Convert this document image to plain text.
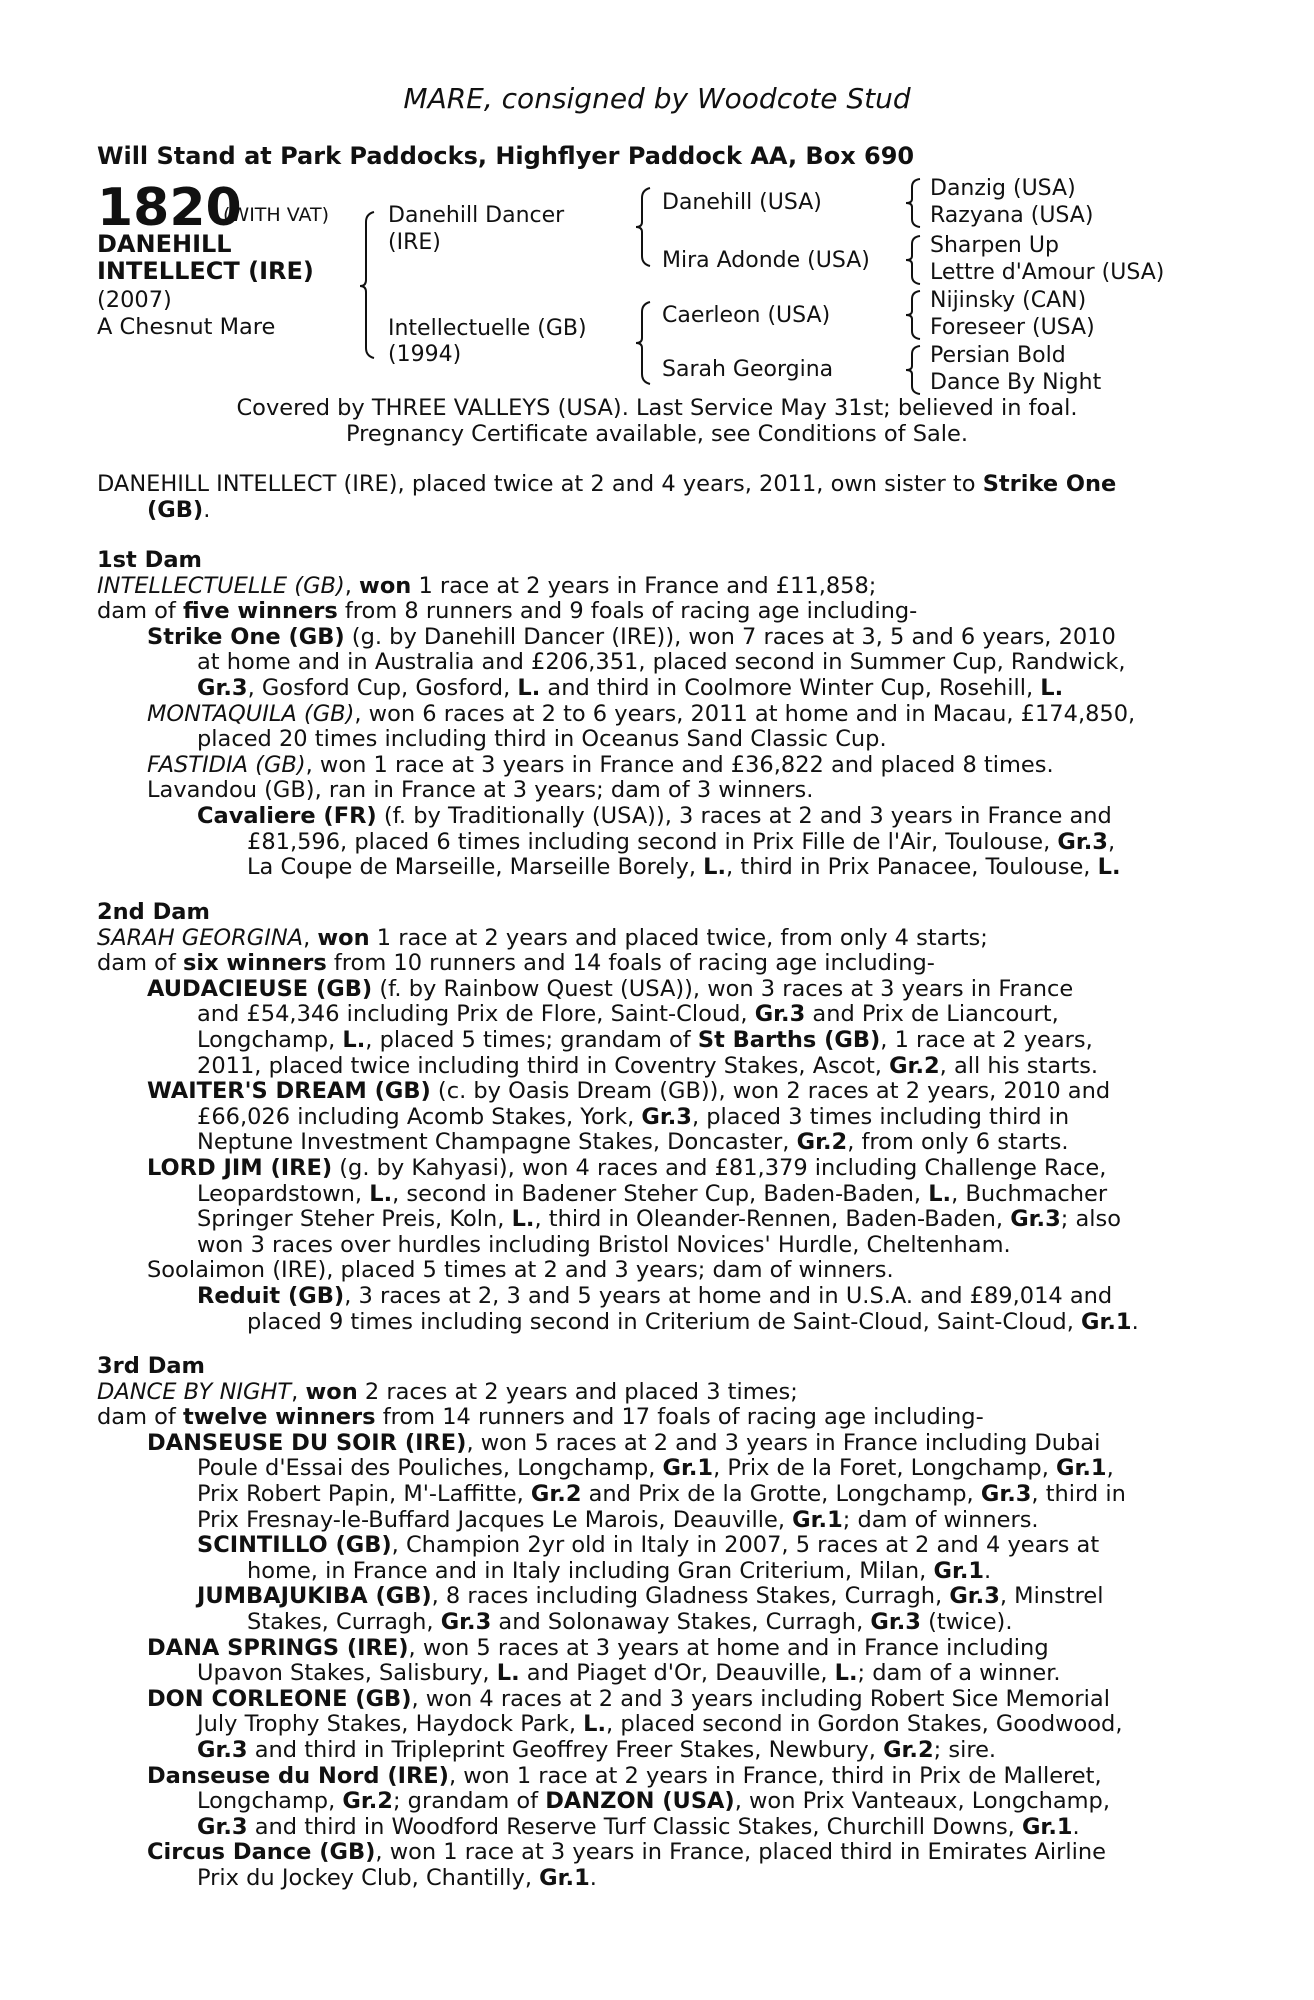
MARE, consigned by Woodcote Stud
Will Stand at Park Paddocks, Highflyer Paddock AA, Box 690
1820
(WITH VAT)
DANEHILL
INTELLECT (IRE)
(2007)
A Chesnut Mare
Danehill Dancer
(IRE)
Intellectuelle (GB)
(1994)
Danehill (USA)
Mira Adonde (USA)
Caerleon (USA)
Sarah Georgina
Danzig (USA)
Razyana (USA)
Sharpen Up
Lettre d'Amour (USA)
Nijinsky (CAN)
Foreseer (USA)
Persian Bold
Dance By Night
Covered by THREE VALLEYS (USA). Last Service May 31st; believed in foal.
Pregnancy Certificate available, see Conditions of Sale.
DANEHILL INTELLECT (IRE), placed twice at 2 and 4 years, 2011, own sister to Strike One
(GB).
1st Dam
INTELLECTUELLE (GB), won 1 race at 2 years in France and £11,858;
dam of five winners from 8 runners and 9 foals of racing age including-
Strike One (GB) (g. by Danehill Dancer (IRE)), won 7 races at 3, 5 and 6 years, 2010
at home and in Australia and £206,351, placed second in Summer Cup, Randwick,
Gr.3, Gosford Cup, Gosford, L. and third in Coolmore Winter Cup, Rosehill, L.
MONTAQUILA (GB), won 6 races at 2 to 6 years, 2011 at home and in Macau, £174,850,
placed 20 times including third in Oceanus Sand Classic Cup.
FASTIDIA (GB), won 1 race at 3 years in France and £36,822 and placed 8 times.
Lavandou (GB), ran in France at 3 years; dam of 3 winners.
Cavaliere (FR) (f. by Traditionally (USA)), 3 races at 2 and 3 years in France and
£81,596, placed 6 times including second in Prix Fille de l'Air, Toulouse, Gr.3,
La Coupe de Marseille, Marseille Borely, L., third in Prix Panacee, Toulouse, L.
2nd Dam
SARAH GEORGINA, won 1 race at 2 years and placed twice, from only 4 starts;
dam of six winners from 10 runners and 14 foals of racing age including-
AUDACIEUSE (GB) (f. by Rainbow Quest (USA)), won 3 races at 3 years in France
and £54,346 including Prix de Flore, Saint-Cloud, Gr.3 and Prix de Liancourt,
Longchamp, L., placed 5 times; grandam of St Barths (GB), 1 race at 2 years,
2011, placed twice including third in Coventry Stakes, Ascot, Gr.2, all his starts.
WAITER'S DREAM (GB) (c. by Oasis Dream (GB)), won 2 races at 2 years, 2010 and
£66,026 including Acomb Stakes, York, Gr.3, placed 3 times including third in
Neptune Investment Champagne Stakes, Doncaster, Gr.2, from only 6 starts.
LORD JIM (IRE) (g. by Kahyasi), won 4 races and £81,379 including Challenge Race,
Leopardstown, L., second in Badener Steher Cup, Baden-Baden, L., Buchmacher
Springer Steher Preis, Koln, L., third in Oleander-Rennen, Baden-Baden, Gr.3; also
won 3 races over hurdles including Bristol Novices' Hurdle, Cheltenham.
Soolaimon (IRE), placed 5 times at 2 and 3 years; dam of winners.
Reduit (GB), 3 races at 2, 3 and 5 years at home and in U.S.A. and £89,014 and
placed 9 times including second in Criterium de Saint-Cloud, Saint-Cloud, Gr.1.
3rd Dam
DANCE BY NIGHT, won 2 races at 2 years and placed 3 times;
dam of twelve winners from 14 runners and 17 foals of racing age including-
DANSEUSE DU SOIR (IRE), won 5 races at 2 and 3 years in France including Dubai
Poule d'Essai des Pouliches, Longchamp, Gr.1, Prix de la Foret, Longchamp, Gr.1,
Prix Robert Papin, M'-Laffitte, Gr.2 and Prix de la Grotte, Longchamp, Gr.3, third in
Prix Fresnay-le-Buffard Jacques Le Marois, Deauville, Gr.1; dam of winners.
SCINTILLO (GB), Champion 2yr old in Italy in 2007, 5 races at 2 and 4 years at
home, in France and in Italy including Gran Criterium, Milan, Gr.1.
JUMBAJUKIBA (GB), 8 races including Gladness Stakes, Curragh, Gr.3, Minstrel
Stakes, Curragh, Gr.3 and Solonaway Stakes, Curragh, Gr.3 (twice).
DANA SPRINGS (IRE), won 5 races at 3 years at home and in France including
Upavon Stakes, Salisbury, L. and Piaget d'Or, Deauville, L.; dam of a winner.
DON CORLEONE (GB), won 4 races at 2 and 3 years including Robert Sice Memorial
July Trophy Stakes, Haydock Park, L., placed second in Gordon Stakes, Goodwood,
Gr.3 and third in Tripleprint Geoffrey Freer Stakes, Newbury, Gr.2; sire.
Danseuse du Nord (IRE), won 1 race at 2 years in France, third in Prix de Malleret,
Longchamp, Gr.2; grandam of DANZON (USA), won Prix Vanteaux, Longchamp,
Gr.3 and third in Woodford Reserve Turf Classic Stakes, Churchill Downs, Gr.1.
Circus Dance (GB), won 1 race at 3 years in France, placed third in Emirates Airline
Prix du Jockey Club, Chantilly, Gr.1.
